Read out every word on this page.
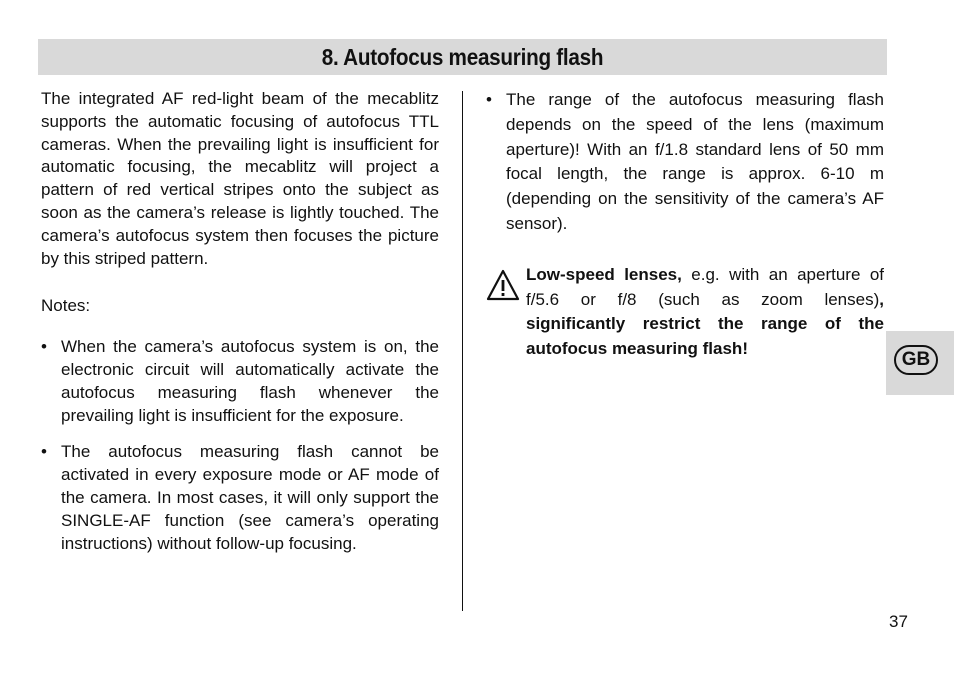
8. Autofocus measuring flash

The integrated AF red-light beam of the mecablitz supports the automatic focusing of autofocus TTL cameras. When the prevailing light is insufficient for automatic focusing, the mecablitz will project a pattern of red vertical stripes onto the subject as soon as the camera’s release is lightly touched. The camera’s autofocus system then focuses the picture by this striped pattern.

Notes:

• When the camera’s autofocus system is on, the electronic circuit will automatically activate the autofocus measuring flash whenever the prevailing light is insufficient for the exposure.
• The autofocus measuring flash cannot be activated in every exposure mode or AF mode of the camera. In most cases, it will only support the SINGLE-AF function (see camera’s operating instructions) without follow-up focusing.
• The range of the autofocus measuring flash depends on the speed of the lens (maximum aperture)! With an f/1.8 standard lens of 50 mm focal length, the range is approx. 6-10 m (depending on the sensitivity of the camera’s AF sensor).
Low-speed lenses, e.g. with an aperture of f/5.6 or f/8 (such as zoom lenses), significantly restrict the range of the autofocus measuring flash!
GB
37
